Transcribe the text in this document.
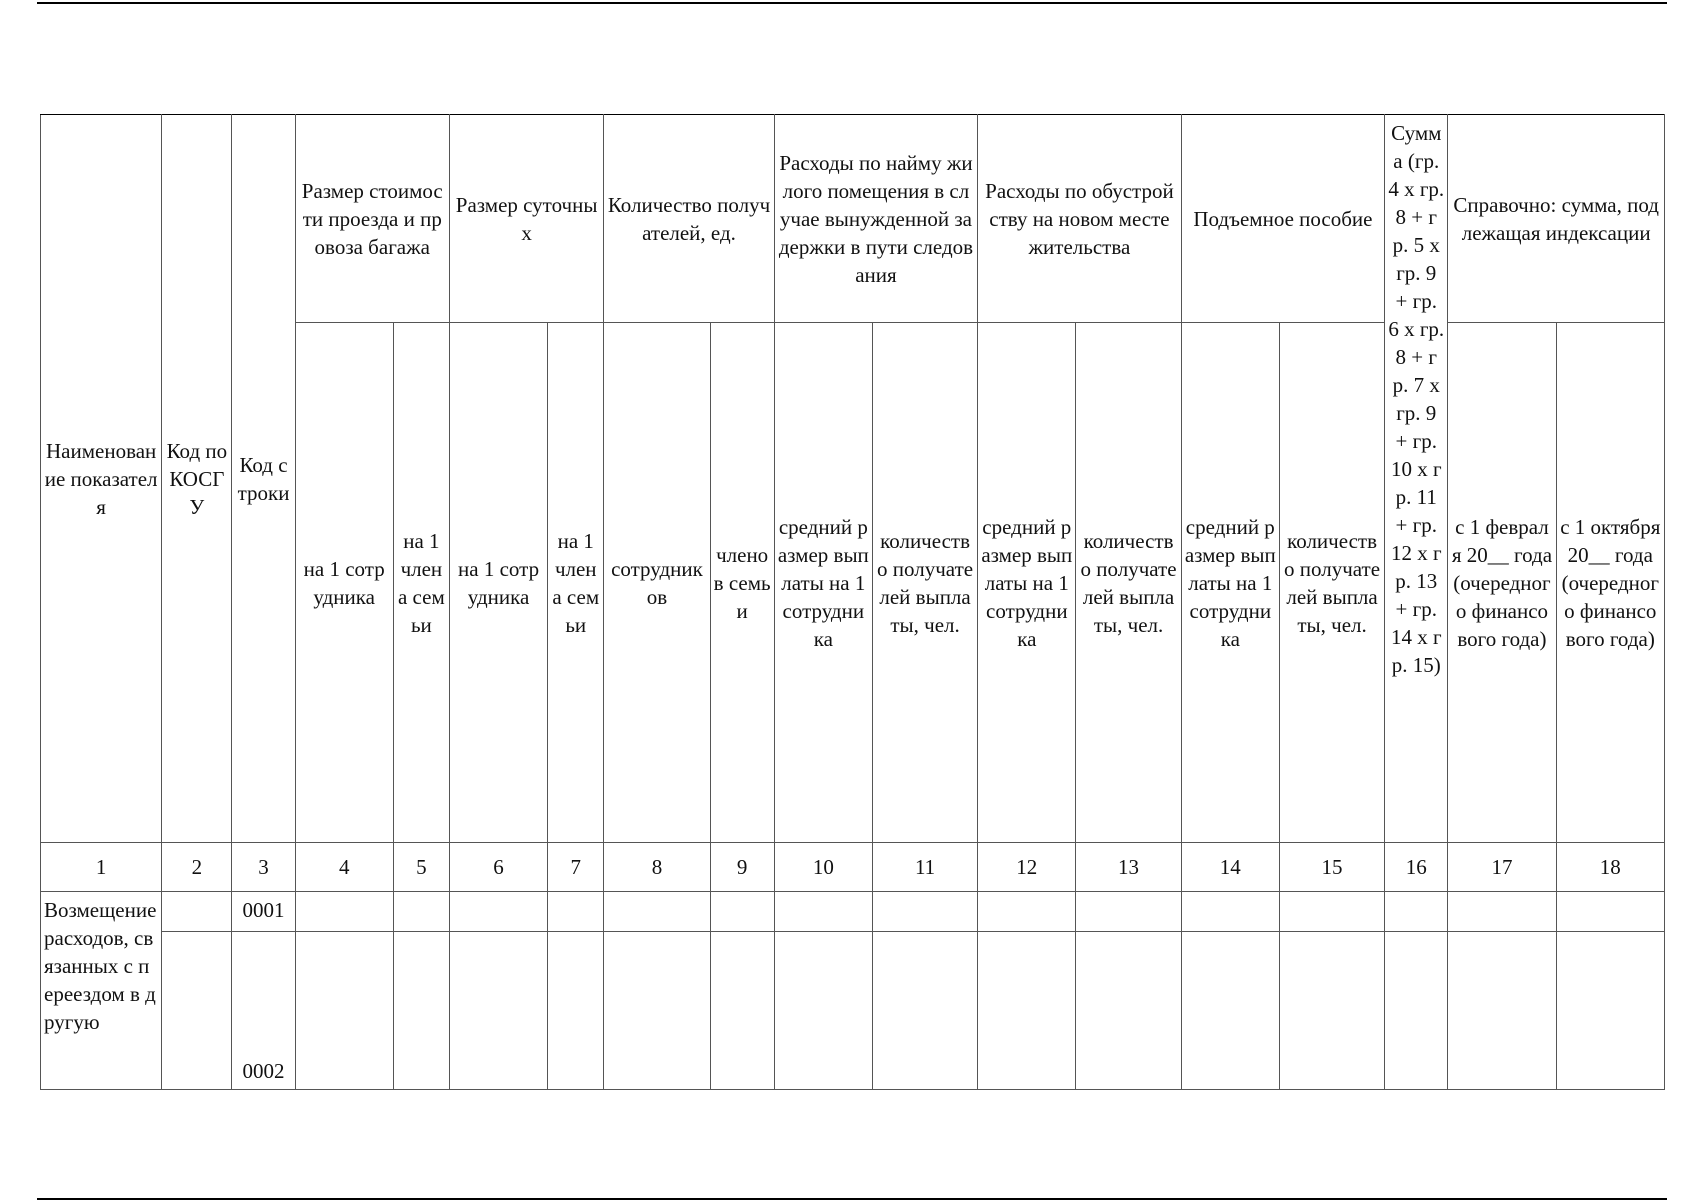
Наименование показателя	Код по КОСГУ	Код строки	Размер стоимости проезда и провоза багажа		Размер суточных		Количество получателей, ед.		Расходы по найму жилого помещения в случае вынужденной задержки в пути следования		Расходы по обустройству на новом месте жительства		Подъемное пособие		Сумма (гр. 4 х гр. 8 + гр. 5 х гр. 9 + гр. 6 х гр. 8 + гр. 7 х гр. 9 + гр. 10 х гр. 11 + гр. 12 х гр. 13 + гр. 14 х гр. 15)	Справочно: сумма, подлежащая индексации	
			на 1 сотрудника	на 1 члена семьи	на 1 сотрудника	на 1 члена семьи	сотрудников	членов семьи	средний размер выплаты на 1 сотрудника	количество получателей выплаты, чел.	средний размер выплаты на 1 сотрудника	количество получателей выплаты, чел.	средний размер выплаты на 1 сотрудника	количество получателей выплаты, чел.		с 1 февраля 20__ года (очередного финансового года)	с 1 октября 20__ года (очередного финансового года)
1	2	3	4	5	6	7	8	9	10	11	12	13	14	15	16	17	18
Возмещение расходов, связанных с переездом в другую		0001															
		0002															
